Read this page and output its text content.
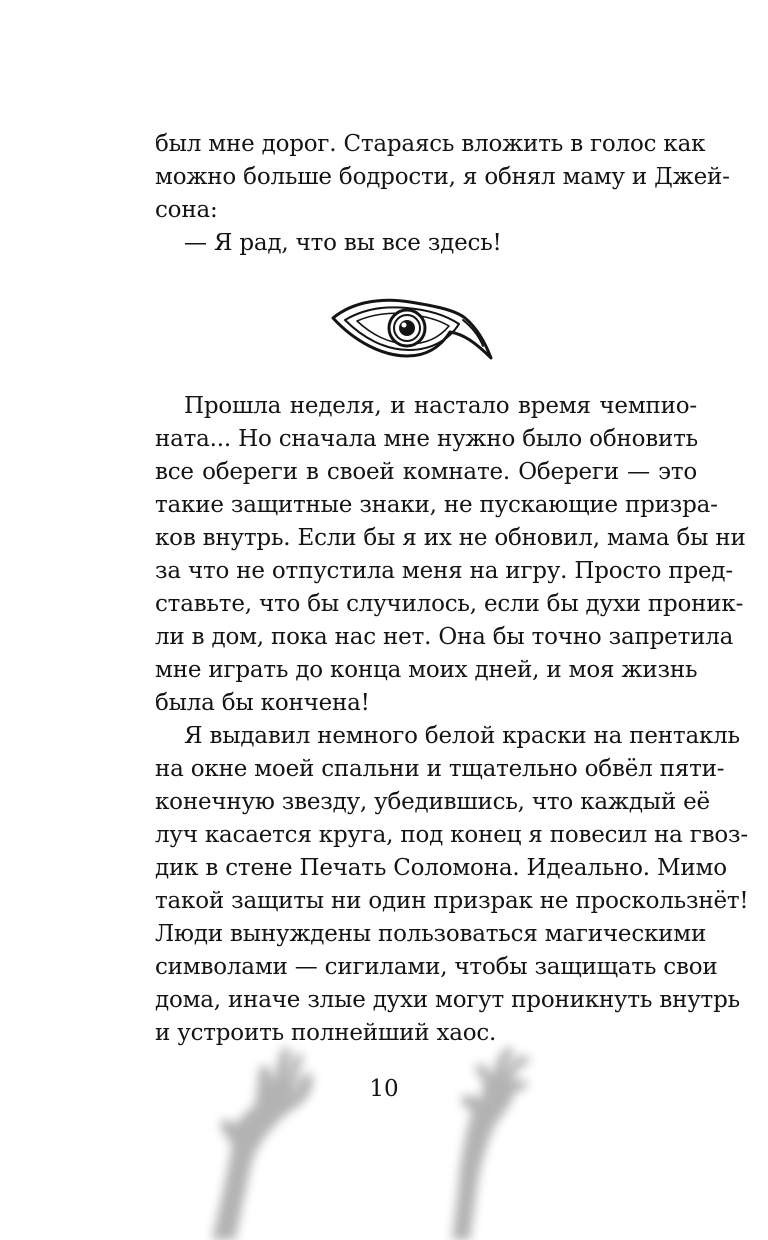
был мне дорог. Стараясь вложить в голос как
можно больше бодрости, я обнял маму и Джей-
сона:
— Я рад, что вы все здесь!
Прошла неделя, и настало время чемпио-
ната... Но сначала мне нужно было обновить
все обереги в своей комнате. Обереги — это
такие защитные знаки, не пускающие призра-
ков внутрь. Если бы я их не обновил, мама бы ни
за что не отпустила меня на игру. Просто пред-
ставьте, что бы случилось, если бы духи проник-
ли в дом, пока нас нет. Она бы точно запретила
мне играть до конца моих дней, и моя жизнь
была бы кончена!
Я выдавил немного белой краски на пентакль
на окне моей спальни и тщательно обвёл пяти-
конечную звезду, убедившись, что каждый её
луч касается круга, под конец я повесил на гвоз-
дик в стене Печать Соломона. Идеально. Мимо
такой защиты ни один призрак не проскользнёт!
Люди вынуждены пользоваться магическими
символами — сигилами, чтобы защищать свои
дома, иначе злые духи могут проникнуть внутрь
и устроить полнейший хаос.
10
